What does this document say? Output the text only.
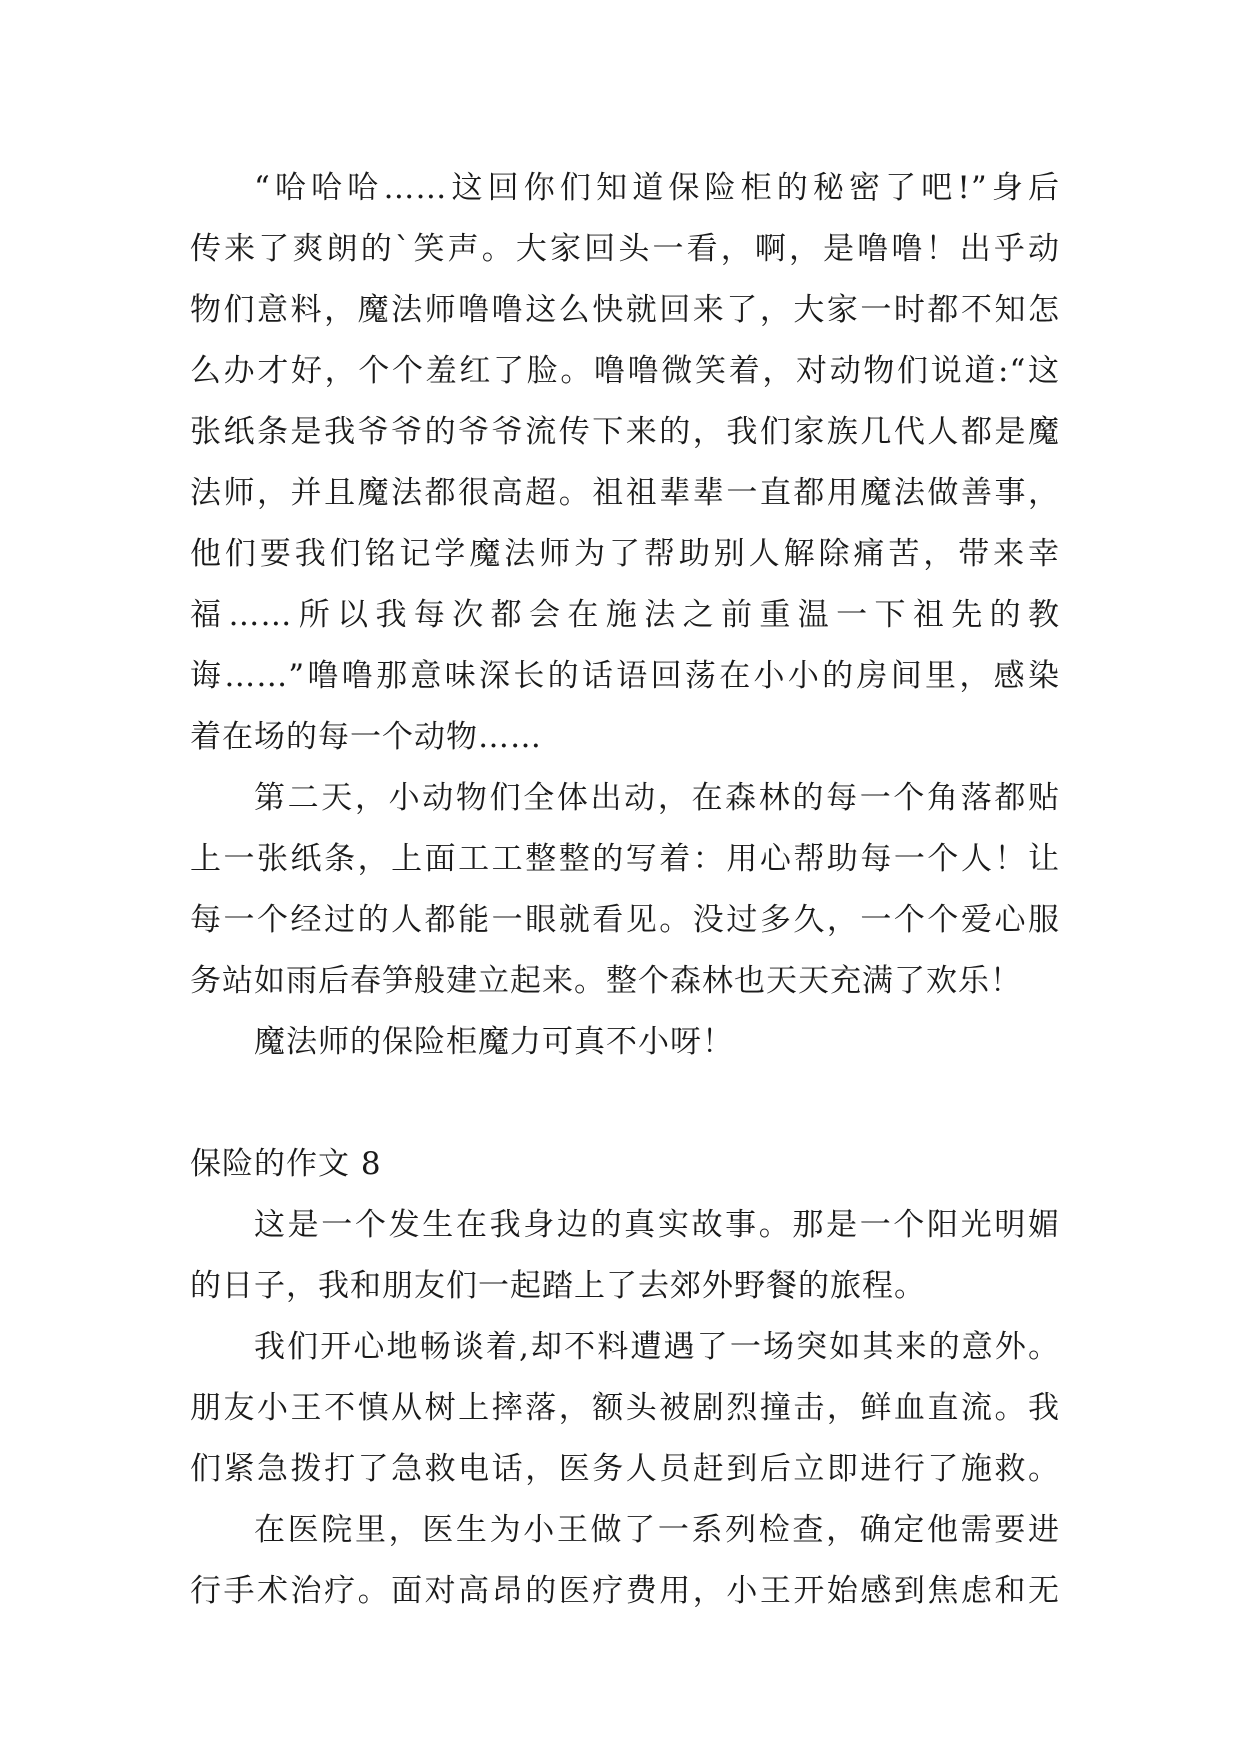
“哈哈哈……这回你们知道保险柜的秘密了吧!”身后
传来了爽朗的`笑声。大家回头一看，啊，是噜噜！出乎动
物们意料，魔法师噜噜这么快就回来了，大家一时都不知怎
么办才好，个个羞红了脸。噜噜微笑着，对动物们说道:“这
张纸条是我爷爷的爷爷流传下来的，我们家族几代人都是魔
法师，并且魔法都很高超。祖祖辈辈一直都用魔法做善事，
他们要我们铭记学魔法师为了帮助别人解除痛苦，带来幸
福……所以我每次都会在施法之前重温一下祖先的教
诲……”噜噜那意味深长的话语回荡在小小的房间里，感染
着在场的每一个动物……
第二天，小动物们全体出动，在森林的每一个角落都贴
上一张纸条，上面工工整整的写着：用心帮助每一个人！让
每一个经过的人都能一眼就看见。没过多久，一个个爱心服
务站如雨后春笋般建立起来。整个森林也天天充满了欢乐！
魔法师的保险柜魔力可真不小呀！
保险的作文 8
这是一个发生在我身边的真实故事。那是一个阳光明媚
的日子，我和朋友们一起踏上了去郊外野餐的旅程。
我们开心地畅谈着,却不料遭遇了一场突如其来的意外。
朋友小王不慎从树上摔落，额头被剧烈撞击，鲜血直流。我
们紧急拨打了急救电话，医务人员赶到后立即进行了施救。
在医院里，医生为小王做了一系列检查，确定他需要进
行手术治疗。面对高昂的医疗费用，小王开始感到焦虑和无
